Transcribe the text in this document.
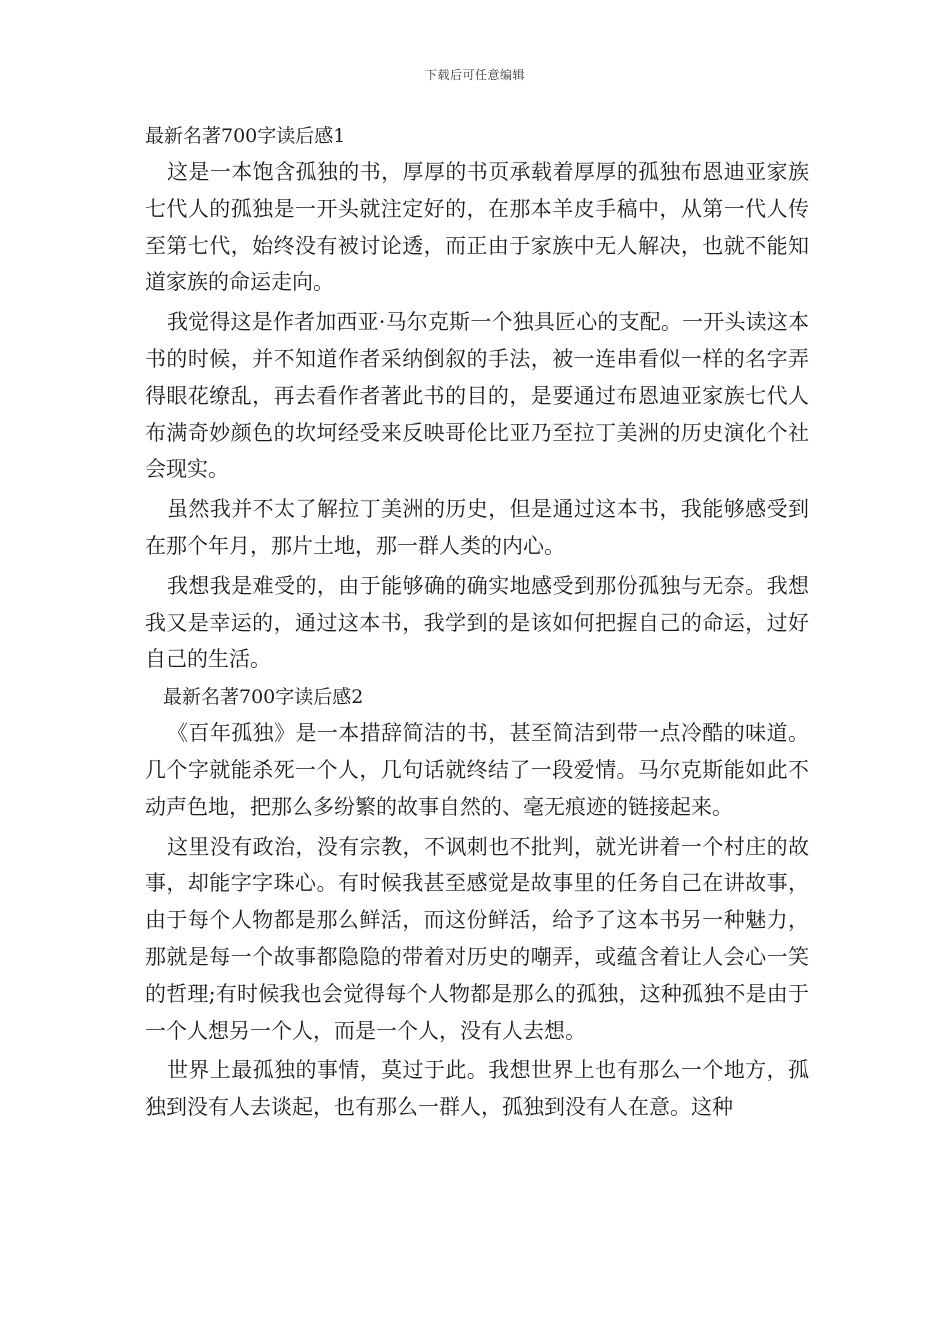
下载后可任意编辑
最新名著700字读后感1

这是一本饱含孤独的书，厚厚的书页承载着厚厚的孤独布恩迪亚家族七代人的孤独是一开头就注定好的，在那本羊皮手稿中，从第一代人传至第七代，始终没有被讨论透，而正由于家族中无人解决，也就不能知道家族的命运走向。

我觉得这是作者加西亚·马尔克斯一个独具匠心的支配。一开头读这本书的时候，并不知道作者采纳倒叙的手法，被一连串看似一样的名字弄得眼花缭乱，再去看作者著此书的目的，是要通过布恩迪亚家族七代人布满奇妙颜色的坎坷经受来反映哥伦比亚乃至拉丁美洲的历史演化个社会现实。

虽然我并不太了解拉丁美洲的历史，但是通过这本书，我能够感受到在那个年月，那片土地，那一群人类的内心。

我想我是难受的，由于能够确的确实地感受到那份孤独与无奈。我想我又是幸运的，通过这本书，我学到的是该如何把握自己的命运，过好自己的生活。

最新名著700字读后感2

《百年孤独》是一本措辞简洁的书，甚至简洁到带一点冷酷的味道。几个字就能杀死一个人，几句话就终结了一段爱情。马尔克斯能如此不动声色地，把那么多纷繁的故事自然的、毫无痕迹的链接起来。

这里没有政治，没有宗教，不讽刺也不批判，就光讲着一个村庄的故事，却能字字珠心。有时候我甚至感觉是故事里的任务自己在讲故事，由于每个人物都是那么鲜活，而这份鲜活，给予了这本书另一种魅力，那就是每一个故事都隐隐的带着对历史的嘲弄，或蕴含着让人会心一笑的哲理;有时候我也会觉得每个人物都是那么的孤独，这种孤独不是由于一个人想另一个人，而是一个人，没有人去想。

世界上最孤独的事情，莫过于此。我想世界上也有那么一个地方，孤独到没有人去谈起，也有那么一群人，孤独到没有人在意。这种
